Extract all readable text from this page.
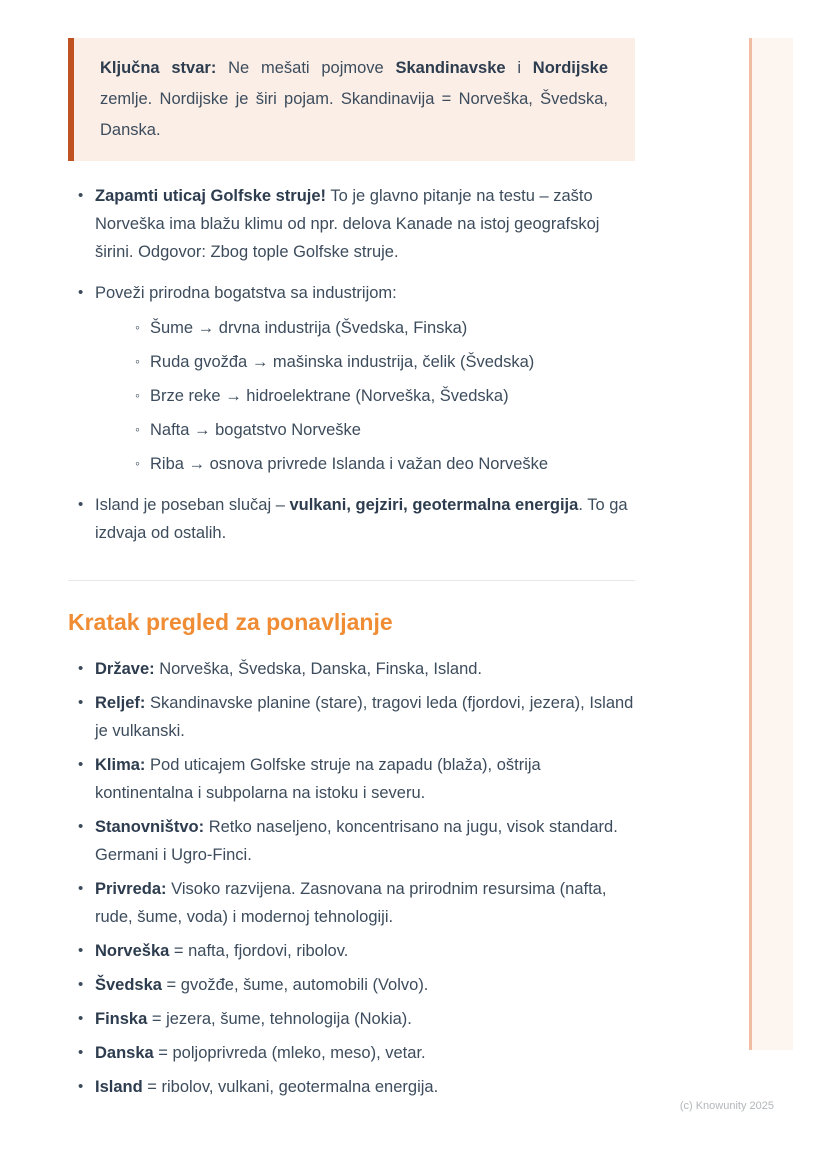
Ključna stvar: Ne mešati pojmove Skandinavske i Nordijske zemlje. Nordijske je širi pojam. Skandinavija = Norveška, Švedska, Danska.
• Zapamti uticaj Golfske struje! To je glavno pitanje na testu – zašto Norveška ima blažu klimu od npr. delova Kanade na istoj geografskoj širini. Odgovor: Zbog tople Golfske struje.
• Poveži prirodna bogatstva sa industrijom:
◦ Šume → drvna industrija (Švedska, Finska)
◦ Ruda gvožđa → mašinska industrija, čelik (Švedska)
◦ Brze reke → hidroelektrane (Norveška, Švedska)
◦ Nafta → bogatstvo Norveške
◦ Riba → osnova privrede Islanda i važan deo Norveške
• Island je poseban slučaj – vulkani, gejziri, geotermalna energija. To ga izdvaja od ostalih.
Kratak pregled za ponavljanje
• Države: Norveška, Švedska, Danska, Finska, Island.
• Reljef: Skandinavske planine (stare), tragovi leda (fjordovi, jezera), Island je vulkanski.
• Klima: Pod uticajem Golfske struje na zapadu (blaža), oštrija kontinentalna i subpolarna na istoku i severu.
• Stanovništvo: Retko naseljeno, koncentrisano na jugu, visok standard. Germani i Ugro-Finci.
• Privreda: Visoko razvijena. Zasnovana na prirodnim resursima (nafta, rude, šume, voda) i modernoj tehnologiji.
• Norveška = nafta, fjordovi, ribolov.
• Švedska = gvožđe, šume, automobili (Volvo).
• Finska = jezera, šume, tehnologija (Nokia).
• Danska = poljoprivreda (mleko, meso), vetar.
• Island = ribolov, vulkani, geotermalna energija.
(c) Knowunity 2025
